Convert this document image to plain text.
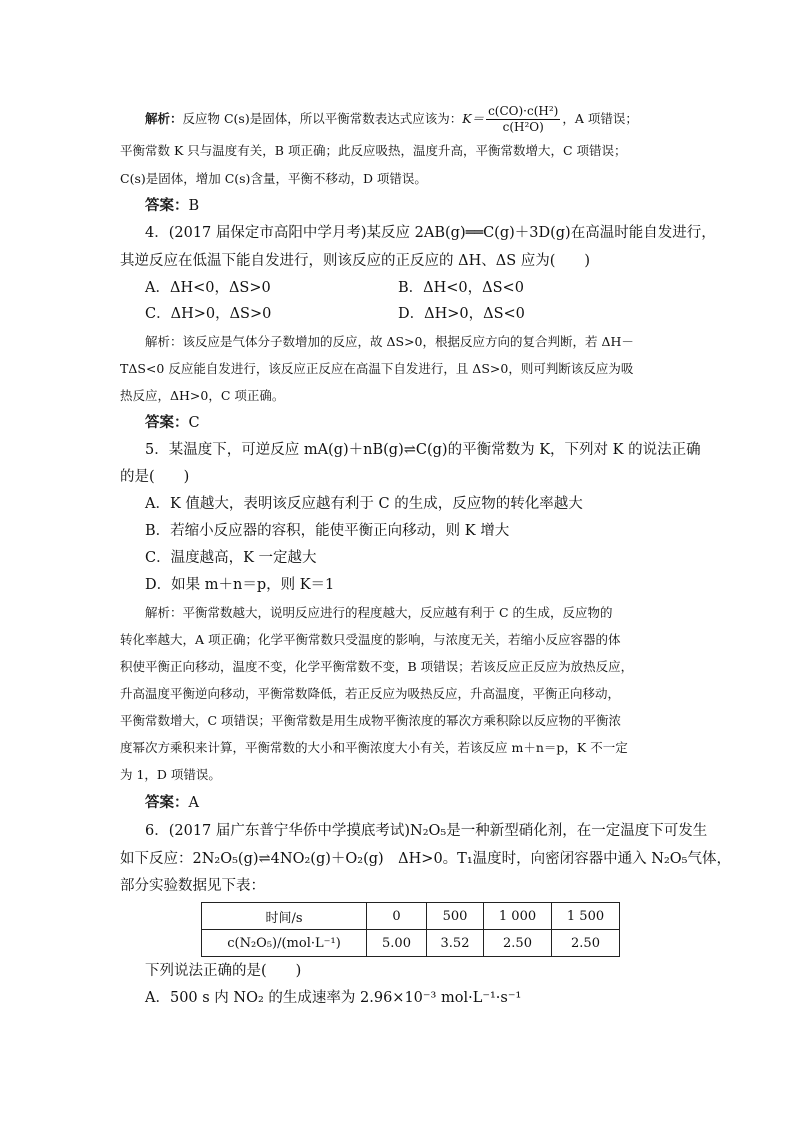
解析：反应物 C(s)是固体，所以平衡常数表达式应该为：$K= \frac{\text{c(CO)·c(H²)}}{\text{c(H²O)}}$ ，A 项错误；
平衡常数 K 只与温度有关，B 项正确；此反应吸热，温度升高，平衡常数增大，C 项错误；
C(s)是固体，增加 C(s)含量，平衡不移动，D 项错误。
答案：B
4．(2017 届保定市高阳中学月考)某反应 2AB(g)══C(g)＋3D(g)在高温时能自发进行，
其逆反应在低温下能自发进行，则该反应的正反应的 ΔH、ΔS 应为(　　)
A．ΔH<0，ΔS>0	B．ΔH<0，ΔS<0
C．ΔH>0，ΔS>0	D．ΔH>0，ΔS<0
解析：该反应是气体分子数增加的反应，故 ΔS>0，根据反应方向的复合判断，若 ΔH－
TΔS<0 反应能自发进行，该反应正反应在高温下自发进行，且 ΔS>0，则可判断该反应为吸
热反应，ΔH>0，C 项正确。
答案：C
5．某温度下，可逆反应 mA(g)＋nB(g)⇌C(g)的平衡常数为 K，下列对 K 的说法正确
的是(　　)
A．K 值越大，表明该反应越有利于 C 的生成，反应物的转化率越大
B．若缩小反应器的容积，能使平衡正向移动，则 K 增大
C．温度越高，K 一定越大
D．如果 m＋n＝p，则 K＝1
解析：平衡常数越大，说明反应进行的程度越大，反应越有利于 C 的生成，反应物的
转化率越大，A 项正确；化学平衡常数只受温度的影响，与浓度无关，若缩小反应容器的体
积使平衡正向移动，温度不变，化学平衡常数不变，B 项错误；若该反应正反应为放热反应，
升高温度平衡逆向移动，平衡常数降低，若正反应为吸热反应，升高温度，平衡正向移动，
平衡常数增大，C 项错误；平衡常数是用生成物平衡浓度的幂次方乘积除以反应物的平衡浓
度幂次方乘积来计算，平衡常数的大小和平衡浓度大小有关，若该反应 m＋n＝p，K 不一定
为 1，D 项错误。
答案：A
6．(2017 届广东普宁华侨中学摸底考试)N₂O₅是一种新型硝化剂，在一定温度下可发生
如下反应：2N₂O₅(g)⇌4NO₂(g)＋O₂(g)　ΔH>0。T₁温度时，向密闭容器中通入 N₂O₅气体，
部分实验数据见下表：
时间/s	0	500	1 000	1 500
c(N₂O₅)/(mol·L⁻¹)	5.00	3.52	2.50	2.50
下列说法正确的是(　　)
A．500 s 内 NO₂ 的生成速率为 2.96×10⁻³ mol·L⁻¹·s⁻¹
